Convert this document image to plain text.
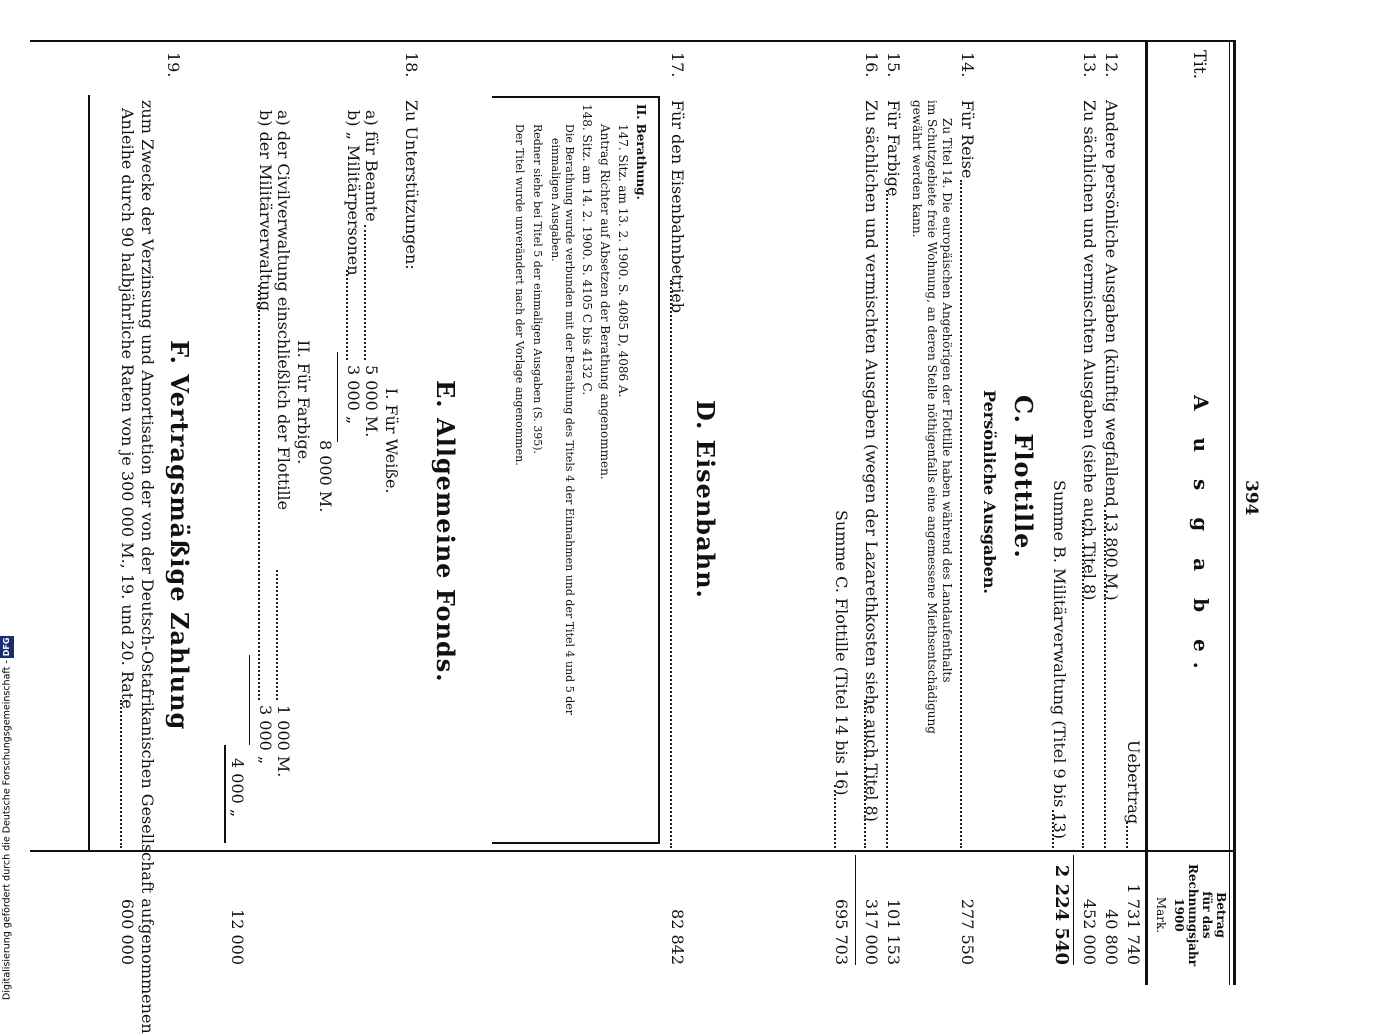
394
Tit.
A u s g a b e.
Betrag
für das
Rechnungsjahr
1900
Mark.
Uebertrag
1 731 740
12.
Andere persönliche Ausgaben (künftig wegfallend 13 800 M.)
40 800
13.
Zu sächlichen und vermischten Ausgaben (siehe auch Titel 8)
452 000
Summe B. Militärverwaltung (Titel 9 bis 13)
2 224 540
C. Flottille.
Persönliche Ausgaben.
14.
Für Reise
277 550
Zu Titel 14. Die europäischen Angehörigen der Flottille haben während des Landaufenthalts
im Schutzgebiete freie Wohnung, an deren Stelle nöthigenfalls eine angemessene Miethsentschädigung
gewährt werden kann.
15.
Für Farbige
101 153
16.
Zu sächlichen und vermischten Ausgaben (wegen der Lazarethkosten siehe auch Titel 8)
317 000
Summe C. Flottille (Titel 14 bis 16)
695 703
D. Eisenbahn.
17.
Für den Eisenbahnbetrieb
82 842
II. Berathung.
147. Sitz. am 13. 2. 1900. S. 4085 D, 4086 A.
Antrag Richter auf Absetzen der Berathung angenommen.
148. Sitz. am 14. 2. 1900. S. 4105 C bis 4132 C.
Die Berathung wurde verbunden mit der Berathung des Titels 4 der Einnahmen und der Titel 4 und 5 der
einmaligen Ausgaben.
Redner siehe bei Titel 5 der einmaligen Ausgaben (S. 395).
Der Titel wurde unverändert nach der Vorlage angenommen.
E. Allgemeine Fonds.
18.
Zu Unterstützungen:
I. Für Weiße.
a) für Beamte
5 000 M.
b) „ Militärpersonen
3 000 „
8 000 M.
II. Für Farbige.
a) der Civilverwaltung einschließlich der Flottille
1 000 M.
b) der Militärverwaltung
3 000 „
4 000 „
12 000
F. Vertragsmäßige Zahlung
19.
zum Zwecke der Verzinsung und Amortisation der von der Deutsch-Ostafrikanischen Gesellschaft aufgenommenen
Anleihe durch 90 halbjährliche Raten von je 300 000 M., 19. und 20. Rate
600 000
Digitalisierung gefördert durch die Deutsche Forschungsgemeinschaft -DFG
